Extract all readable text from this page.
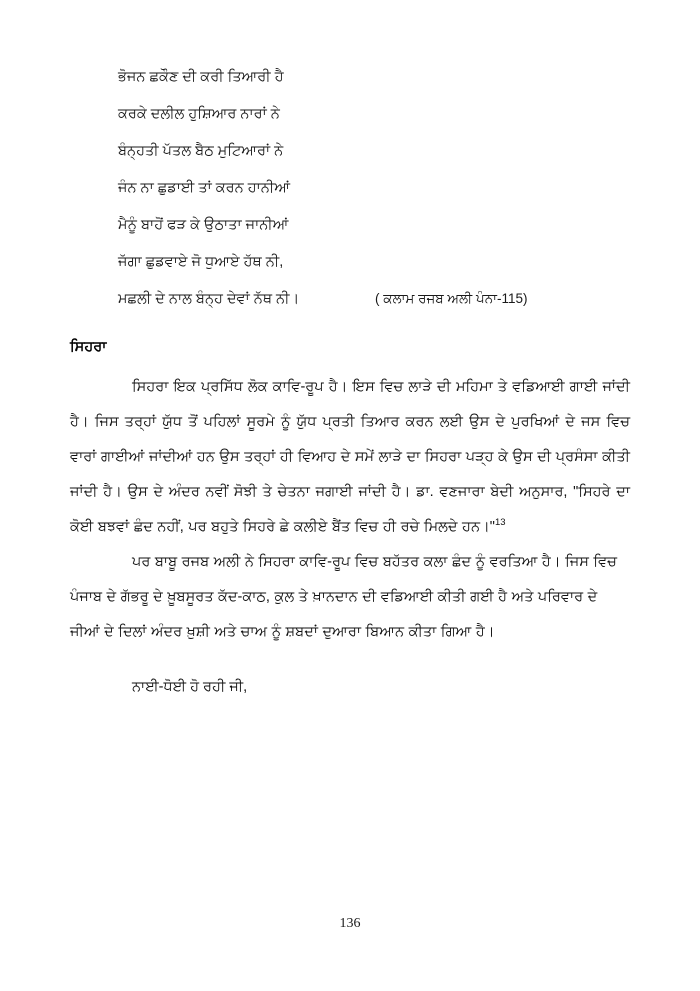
ਭੋਜਨ ਛਕੌਣ ਦੀ ਕਰੀ ਤਿਆਰੀ ਹੈ
ਕਰਕੇ ਦਲੀਲ ਹੁਸ਼ਿਆਰ ਨਾਰਾਂ ਨੇ
ਬੰਨ੍ਹਤੀ ਪੱਤਲ ਬੈਠ ਮੁਟਿਆਰਾਂ ਨੇ
ਜੰਨ ਨਾ ਛੁਡਾਈ ਤਾਂ ਕਰਨ ਹਾਨੀਆਂ
ਮੈਨੂੰ ਬਾਹੋਂ ਫੜ ਕੇ ਉਠਾਤਾ ਜਾਨੀਆਂ
ਜੱਗਾ ਛੁਡਵਾਏ ਜੋ ਧੁਆਏ ਹੱਥ ਨੀ,
ਮਛਲੀ ਦੇ ਨਾਲ ਬੰਨ੍ਹ ਦੇਵਾਂ ਨੱਥ ਨੀ।	( ਕਲਾਮ ਰਜਬ ਅਲੀ ਪੰਨਾ-115)
ਸਿਹਰਾ

ਸਿਹਰਾ ਇਕ ਪ੍ਰਸਿੱਧ ਲੋਕ ਕਾਵਿ-ਰੂਪ ਹੈ। ਇਸ ਵਿਚ ਲਾੜੇ ਦੀ ਮਹਿਮਾ ਤੇ ਵਡਿਆਈ ਗਾਈ ਜਾਂਦੀ ਹੈ। ਜਿਸ ਤਰ੍ਹਾਂ ਯੁੱਧ ਤੋਂ ਪਹਿਲਾਂ ਸੂਰਮੇ ਨੂੰ ਯੁੱਧ ਪ੍ਰਤੀ ਤਿਆਰ ਕਰਨ ਲਈ ਉਸ ਦੇ ਪੁਰਖਿਆਂ ਦੇ ਜਸ ਵਿਚ ਵਾਰਾਂ ਗਾਈਆਂ ਜਾਂਦੀਆਂ ਹਨ ਉਸ ਤਰ੍ਹਾਂ ਹੀ ਵਿਆਹ ਦੇ ਸਮੇਂ ਲਾੜੇ ਦਾ ਸਿਹਰਾ ਪੜ੍ਹ ਕੇ ਉਸ ਦੀ ਪ੍ਰਸੰਸਾ ਕੀਤੀ ਜਾਂਦੀ ਹੈ। ਉਸ ਦੇ ਅੰਦਰ ਨਵੀਂ ਸੋਝੀ ਤੇ ਚੇਤਨਾ ਜਗਾਈ ਜਾਂਦੀ ਹੈ। ਡਾ. ਵਣਜਾਰਾ ਬੇਦੀ ਅਨੁਸਾਰ, "ਸਿਹਰੇ ਦਾ ਕੋਈ ਬਝਵਾਂ ਛੰਦ ਨਹੀਂ, ਪਰ ਬਹੁਤੇ ਸਿਹਰੇ ਛੇ ਕਲੀਏ ਬੈਂਤ ਵਿਚ ਹੀ ਰਚੇ ਮਿਲਦੇ ਹਨ।"$^{13}$

ਪਰ ਬਾਬੂ ਰਜਬ ਅਲੀ ਨੇ ਸਿਹਰਾ ਕਾਵਿ-ਰੂਪ ਵਿਚ ਬਹੱਤਰ ਕਲਾ ਛੰਦ ਨੂੰ ਵਰਤਿਆ ਹੈ। ਜਿਸ ਵਿਚ ਪੰਜਾਬ ਦੇ ਗੱਭਰੂ ਦੇ ਖ਼ੂਬਸੂਰਤ ਕੱਦ-ਕਾਠ, ਕੁਲ ਤੇ ਖ਼ਾਨਦਾਨ ਦੀ ਵਡਿਆਈ ਕੀਤੀ ਗਈ ਹੈ ਅਤੇ ਪਰਿਵਾਰ ਦੇ ਜੀਆਂ ਦੇ ਦਿਲਾਂ ਅੰਦਰ ਖ਼ੁਸ਼ੀ ਅਤੇ ਚਾਅ ਨੂੰ ਸ਼ਬਦਾਂ ਦੁਆਰਾ ਬਿਆਨ ਕੀਤਾ ਗਿਆ ਹੈ।

ਨਾਈ-ਧੋਈ ਹੋ ਰਹੀ ਜੀ,
136
